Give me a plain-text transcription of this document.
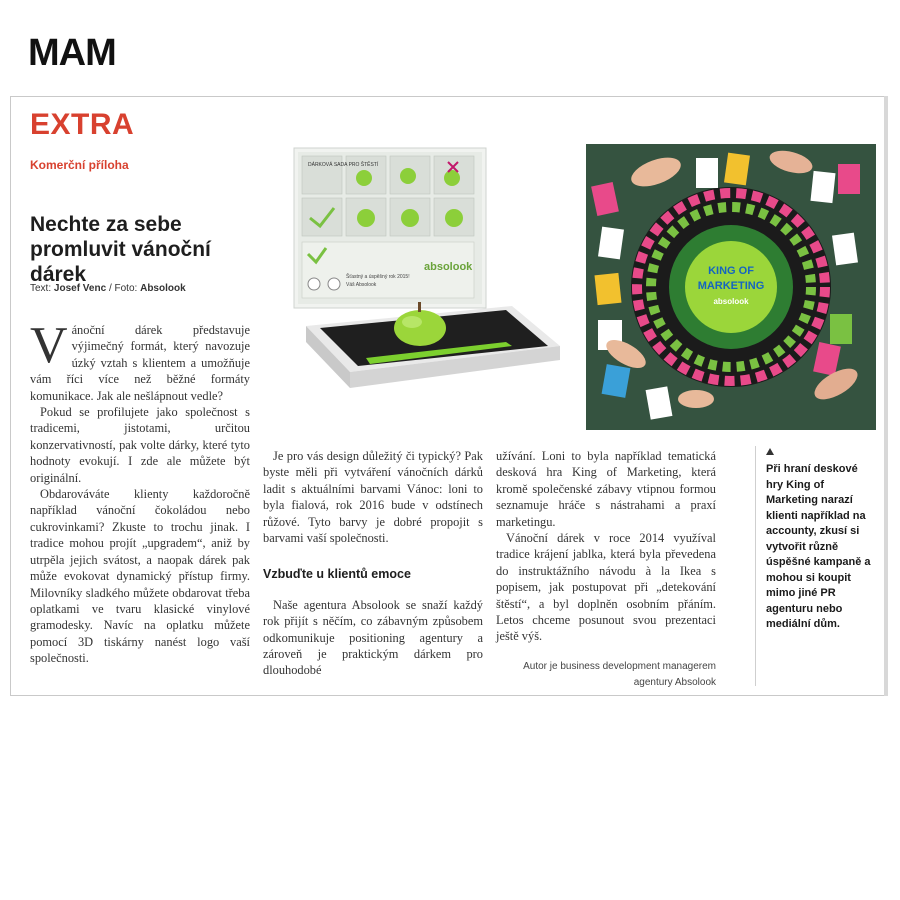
MAM
EXTRA
Komerční příloha
Nechte za sebe promluvit vánoční dárek
Text: Josef Venc / Foto: Absolook

Vánoční dárek představuje výjimečný formát, který navozuje úzký vztah s klientem a umožňuje vám říci více než běžné formáty komunikace. Jak ale nešlápnout vedle?

Pokud se profilujete jako společnost s tradicemi, jistotami, určitou konzervativností, pak volte dárky, které tyto hodnoty evokují. I zde ale můžete být originální.

Obdarováváte klienty každoročně například vánoční čokoládou nebo cukrovinkami? Zkuste to trochu jinak. I tradice mohou projít „upgradem“, aniž by utrpěla jejich svátost, a naopak dárek pak může evokovat dynamický přístup firmy. Milovníky sladkého můžete obdarovat třeba oplatkami ve tvaru klasické vinylové gramodesky. Navíc na oplatku můžete pomocí 3D tiskárny nanést logo vaší společnosti.

Je pro vás design důležitý či typický? Pak byste měli při vytváření vánočních dárků ladit s aktuálními barvami Vánoc: loni to byla fialová, rok 2016 bude v odstínech růžové. Tyto barvy je dobré propojit s barvami vaší společnosti.

Vzbuďte u klientů emoce

Naše agentura Absolook se snaží každý rok přijít s něčím, co zábavným způsobem odkomunikuje positioning agentury a zároveň je praktickým dárkem pro dlouhodobé

užívání. Loni to byla například tematická desková hra King of Marketing, která kromě společenské zábavy vtipnou formou seznamuje hráče s nástrahami a praxí marketingu.

Vánoční dárek v roce 2014 využíval tradice krájení jablka, která byla převedena do instruktážního návodu à la Ikea s popisem, jak postupovat při „detekování štěstí“, a byl doplněn osobním přáním. Letos chceme posunout svou prezentaci ještě výš.

Autor je business development managerem
agentury Absolook
Při hraní deskové hry King of Marketing narazí klienti například na accounty, zkusí si vytvořit různě úspěšné kampaně a mohou si koupit mimo jiné PR agenturu nebo mediální dům.
DÁRKOVÁ SADA PRO ŠTĚSTÍ
Šťastný a úspěšný rok 2015!
Váš Absolook
absolook	KING OF
MARKETING
absolook
